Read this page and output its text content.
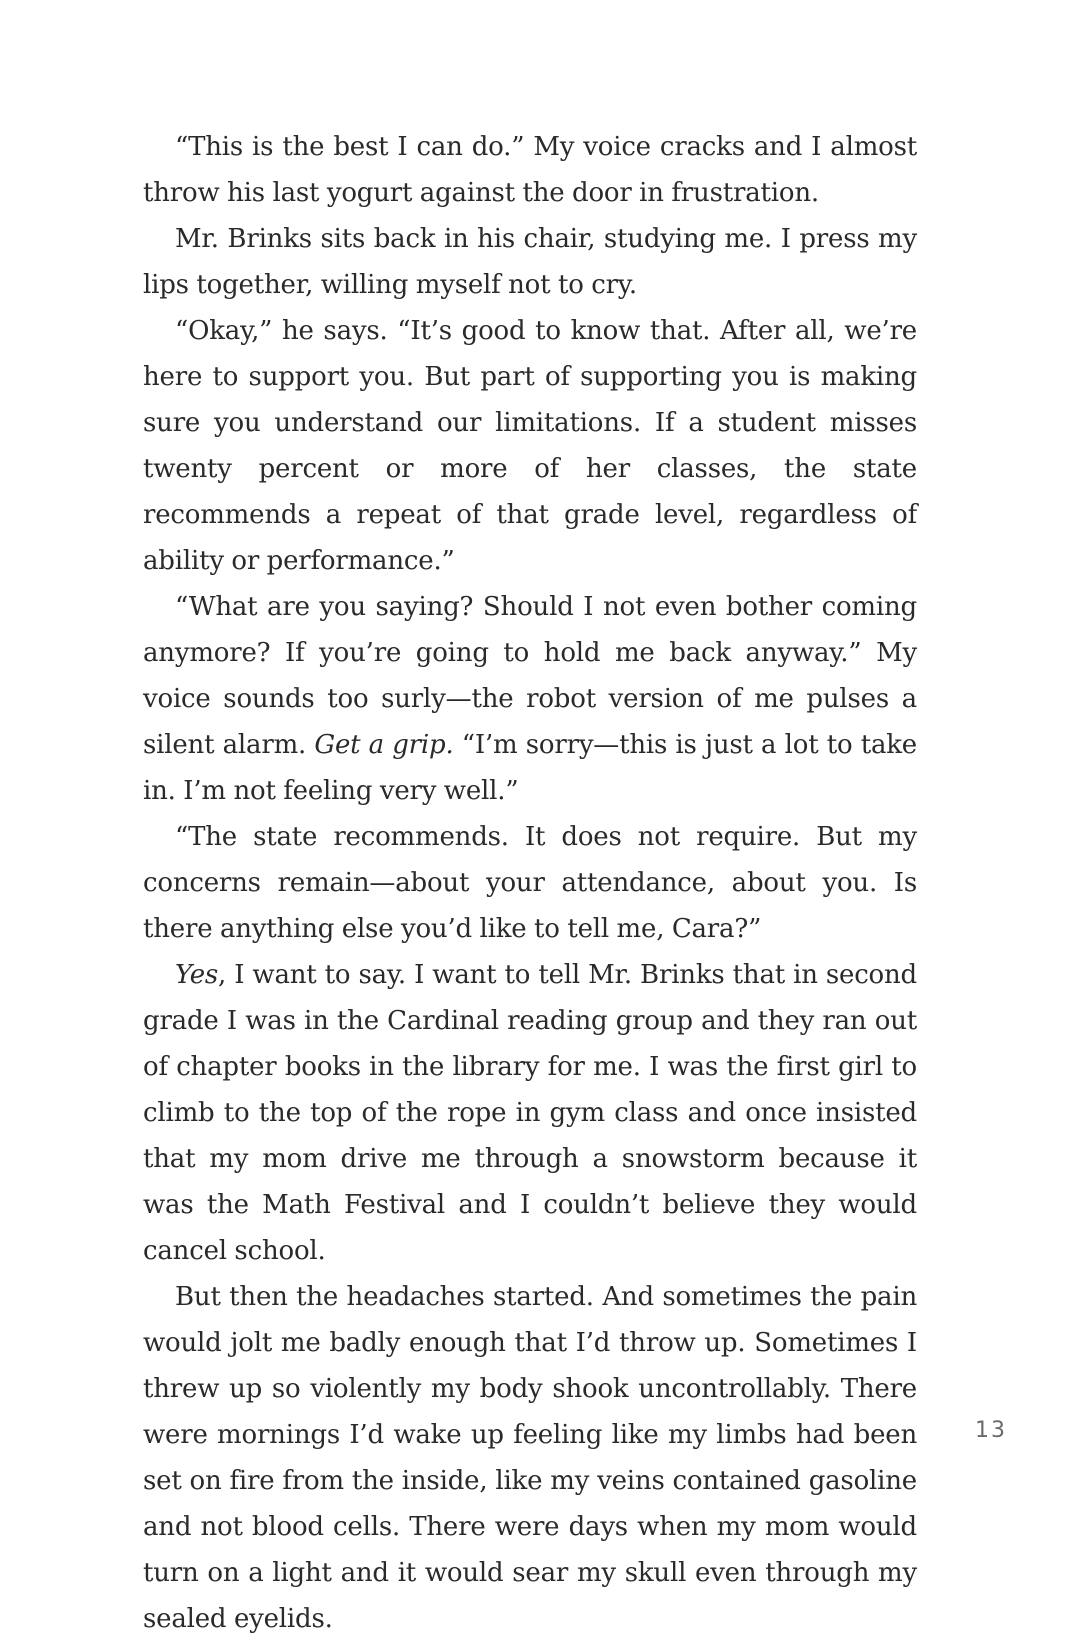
“This is the best I can do.” My voice cracks and I almost throw his last yogurt against the door in frustration.

Mr. Brinks sits back in his chair, studying me. I press my lips together, willing myself not to cry.

“Okay,” he says. “It’s good to know that. After all, we’re here to support you. But part of supporting you is making sure you understand our limitations. If a student misses twenty percent or more of her classes, the state recommends a repeat of that grade level, regardless of ability or performance.”

“What are you saying? Should I not even bother coming anymore? If you’re going to hold me back anyway.” My voice sounds too surly—the robot version of me pulses a silent alarm. Get a grip. “I’m sorry—this is just a lot to take in. I’m not feeling very well.”

“The state recommends. It does not require. But my concerns remain—about your attendance, about you. Is there anything else you’d like to tell me, Cara?”

Yes, I want to say. I want to tell Mr. Brinks that in second grade I was in the Cardinal reading group and they ran out of chapter books in the library for me. I was the first girl to climb to the top of the rope in gym class and once insisted that my mom drive me through a snowstorm because it was the Math Festival and I couldn’t believe they would cancel school.

But then the headaches started. And sometimes the pain would jolt me badly enough that I’d throw up. Sometimes I threw up so violently my body shook uncontrollably. There were mornings I’d wake up feeling like my limbs had been set on fire from the inside, like my veins contained gasoline and not blood cells. There were days when my mom would turn on a light and it would sear my skull even through my sealed eyelids.

13
